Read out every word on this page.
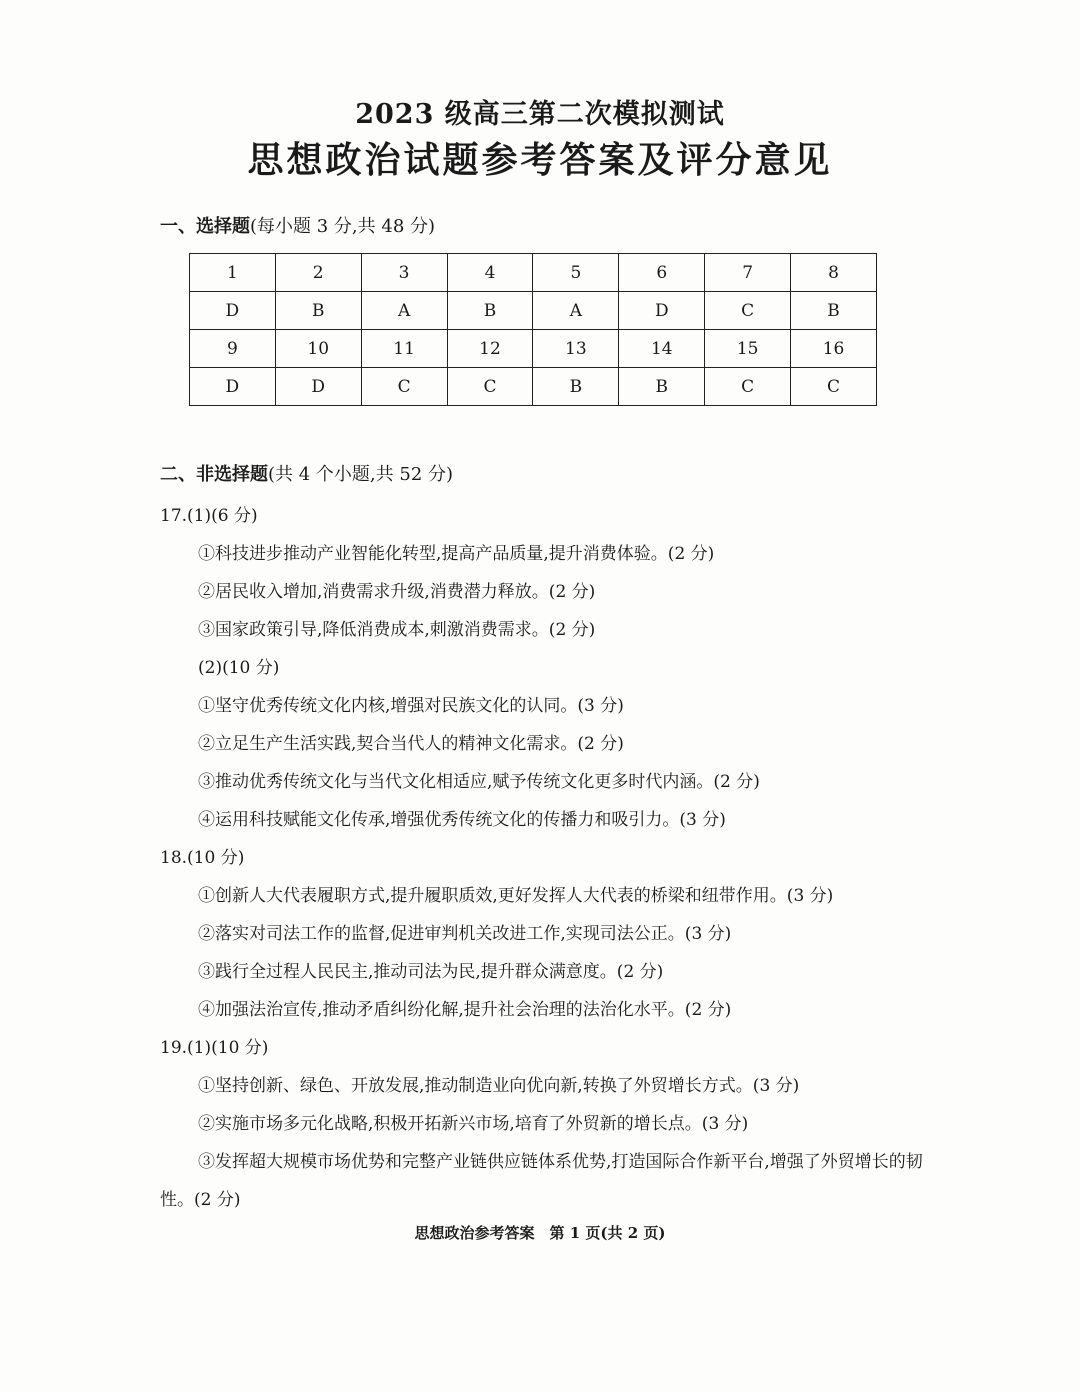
2023 级高三第二次模拟测试
思想政治试题参考答案及评分意见
一、选择题(每小题 3 分,共 48 分)
1	2	3	4	5	6	7	8
D	B	A	B	A	D	C	B
9	10	11	12	13	14	15	16
D	D	C	C	B	B	C	C
二、非选择题(共 4 个小题,共 52 分)

17.(1)(6 分)

①科技进步推动产业智能化转型,提高产品质量,提升消费体验。(2 分)

②居民收入增加,消费需求升级,消费潜力释放。(2 分)

③国家政策引导,降低消费成本,刺激消费需求。(2 分)

(2)(10 分)

①坚守优秀传统文化内核,增强对民族文化的认同。(3 分)

②立足生产生活实践,契合当代人的精神文化需求。(2 分)

③推动优秀传统文化与当代文化相适应,赋予传统文化更多时代内涵。(2 分)

④运用科技赋能文化传承,增强优秀传统文化的传播力和吸引力。(3 分)

18.(10 分)

①创新人大代表履职方式,提升履职质效,更好发挥人大代表的桥梁和纽带作用。(3 分)

②落实对司法工作的监督,促进审判机关改进工作,实现司法公正。(3 分)

③践行全过程人民民主,推动司法为民,提升群众满意度。(2 分)

④加强法治宣传,推动矛盾纠纷化解,提升社会治理的法治化水平。(2 分)

19.(1)(10 分)

①坚持创新、绿色、开放发展,推动制造业向优向新,转换了外贸增长方式。(3 分)

②实施市场多元化战略,积极开拓新兴市场,培育了外贸新的增长点。(3 分)

③发挥超大规模市场优势和完整产业链供应链体系优势,打造国际合作新平台,增强了外贸增长的韧性。(2 分)

思想政治参考答案　第 1 页(共 2 页)
